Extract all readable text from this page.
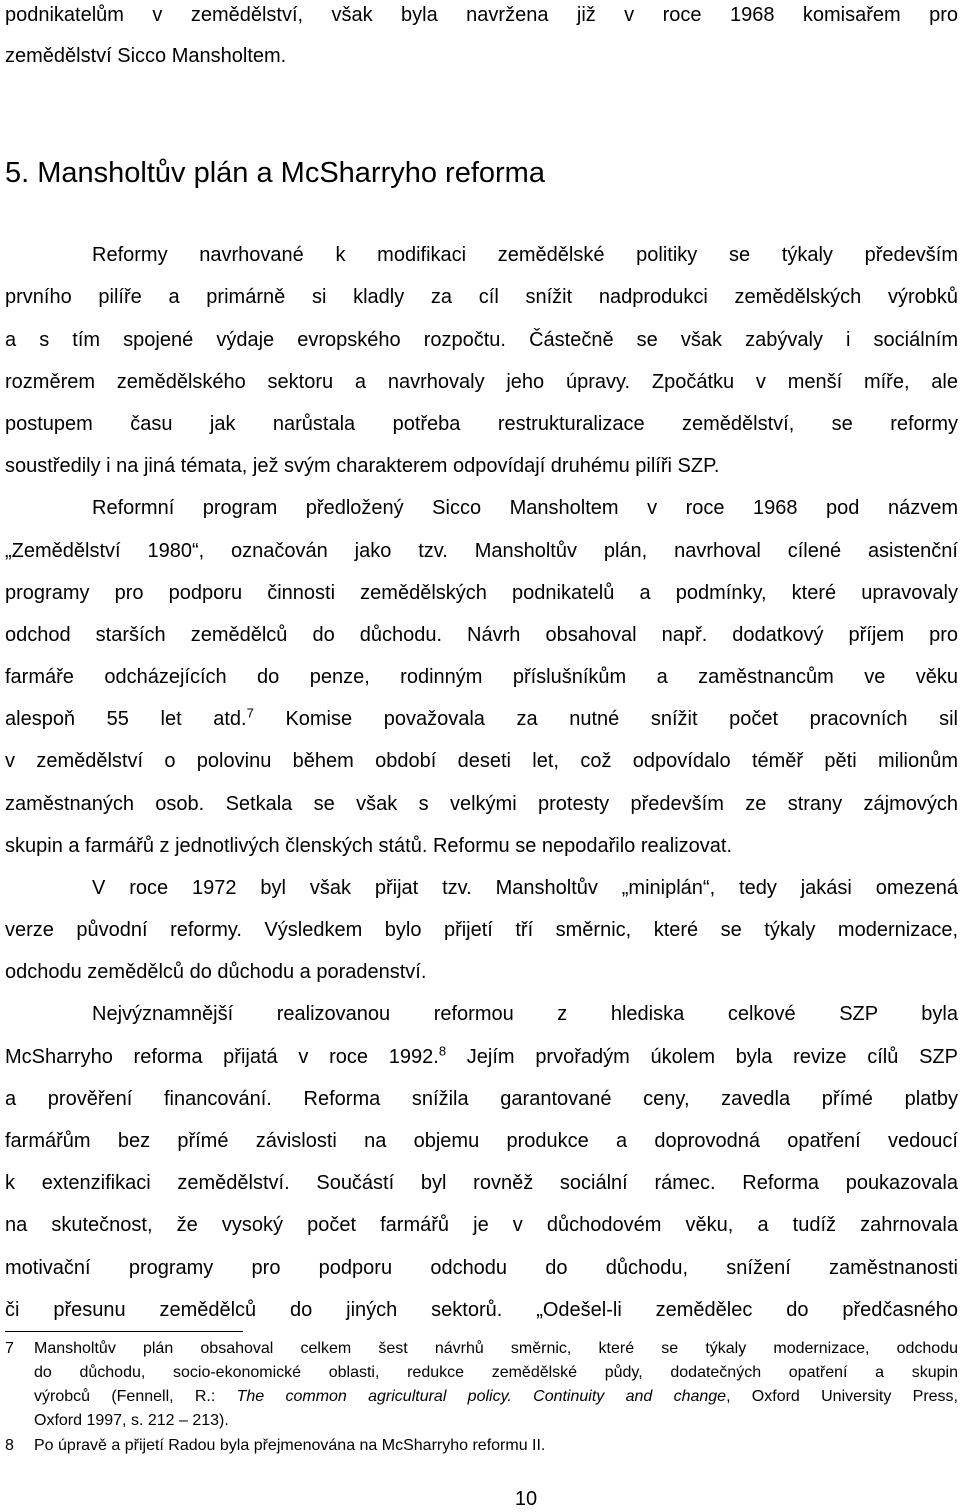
podnikatelům v zemědělství, však byla navržena již v roce 1968 komisařem pro
zemědělství Sicco Mansholtem.
5. Mansholtův plán a McSharryho reforma
Reformy navrhované k modifikaci zemědělské politiky se týkaly především
prvního pilíře a primárně si kladly za cíl snížit nadprodukci zemědělských výrobků
a s tím spojené výdaje evropského rozpočtu. Částečně se však zabývaly i sociálním
rozměrem zemědělského sektoru a navrhovaly jeho úpravy. Zpočátku v menší míře, ale
postupem času jak narůstala potřeba restrukturalizace zemědělství, se reformy
soustředily i na jiná témata, jež svým charakterem odpovídají druhému pilíři SZP.
Reformní program předložený Sicco Mansholtem v roce 1968 pod názvem
„Zemědělství 1980“, označován jako tzv. Mansholtův plán, navrhoval cílené asistenční
programy pro podporu činnosti zemědělských podnikatelů a podmínky, které upravovaly
odchod starších zemědělců do důchodu. Návrh obsahoval např. dodatkový příjem pro
farmáře odcházejících do penze, rodinným příslušníkům a zaměstnancům ve věku
alespoň 55 let atd.$^7$ Komise považovala za nutné snížit počet pracovních sil
v zemědělství o polovinu během období deseti let, což odpovídalo téměř pěti milionům
zaměstnaných osob. Setkala se však s velkými protesty především ze strany zájmových
skupin a farmářů z jednotlivých členských států. Reformu se nepodařilo realizovat.
V roce 1972 byl však přijat tzv. Mansholtův „miniplán“, tedy jakási omezená
verze původní reformy. Výsledkem bylo přijetí tří směrnic, které se týkaly modernizace,
odchodu zemědělců do důchodu a poradenství.
Nejvýznamnější realizovanou reformou z hlediska celkové SZP byla
McSharryho reforma přijatá v roce 1992.$^8$ Jejím prvořadým úkolem byla revize cílů SZP
a prověření financování. Reforma snížila garantované ceny, zavedla přímé platby
farmářům bez přímé závislosti na objemu produkce a doprovodná opatření vedoucí
k extenzifikaci zemědělství. Součástí byl rovněž sociální rámec. Reforma poukazovala
na skutečnost, že vysoký počet farmářů je v důchodovém věku, a tudíž zahrnovala
motivační programy pro podporu odchodu do důchodu, snížení zaměstnanosti
či přesunu zemědělců do jiných sektorů. „Odešel-li zemědělec do předčasného
7 Mansholtův plán obsahoval celkem šest návrhů směrnic, které se týkaly modernizace, odchodu
do důchodu, socio-ekonomické oblasti, redukce zemědělské půdy, dodatečných opatření a skupin
výrobců (Fennell, R.: The common agricultural policy. Continuity and change, Oxford University Press,
Oxford 1997, s. 212 – 213).
8 Po úpravě a přijetí Radou byla přejmenována na McSharryho reformu II.
10
